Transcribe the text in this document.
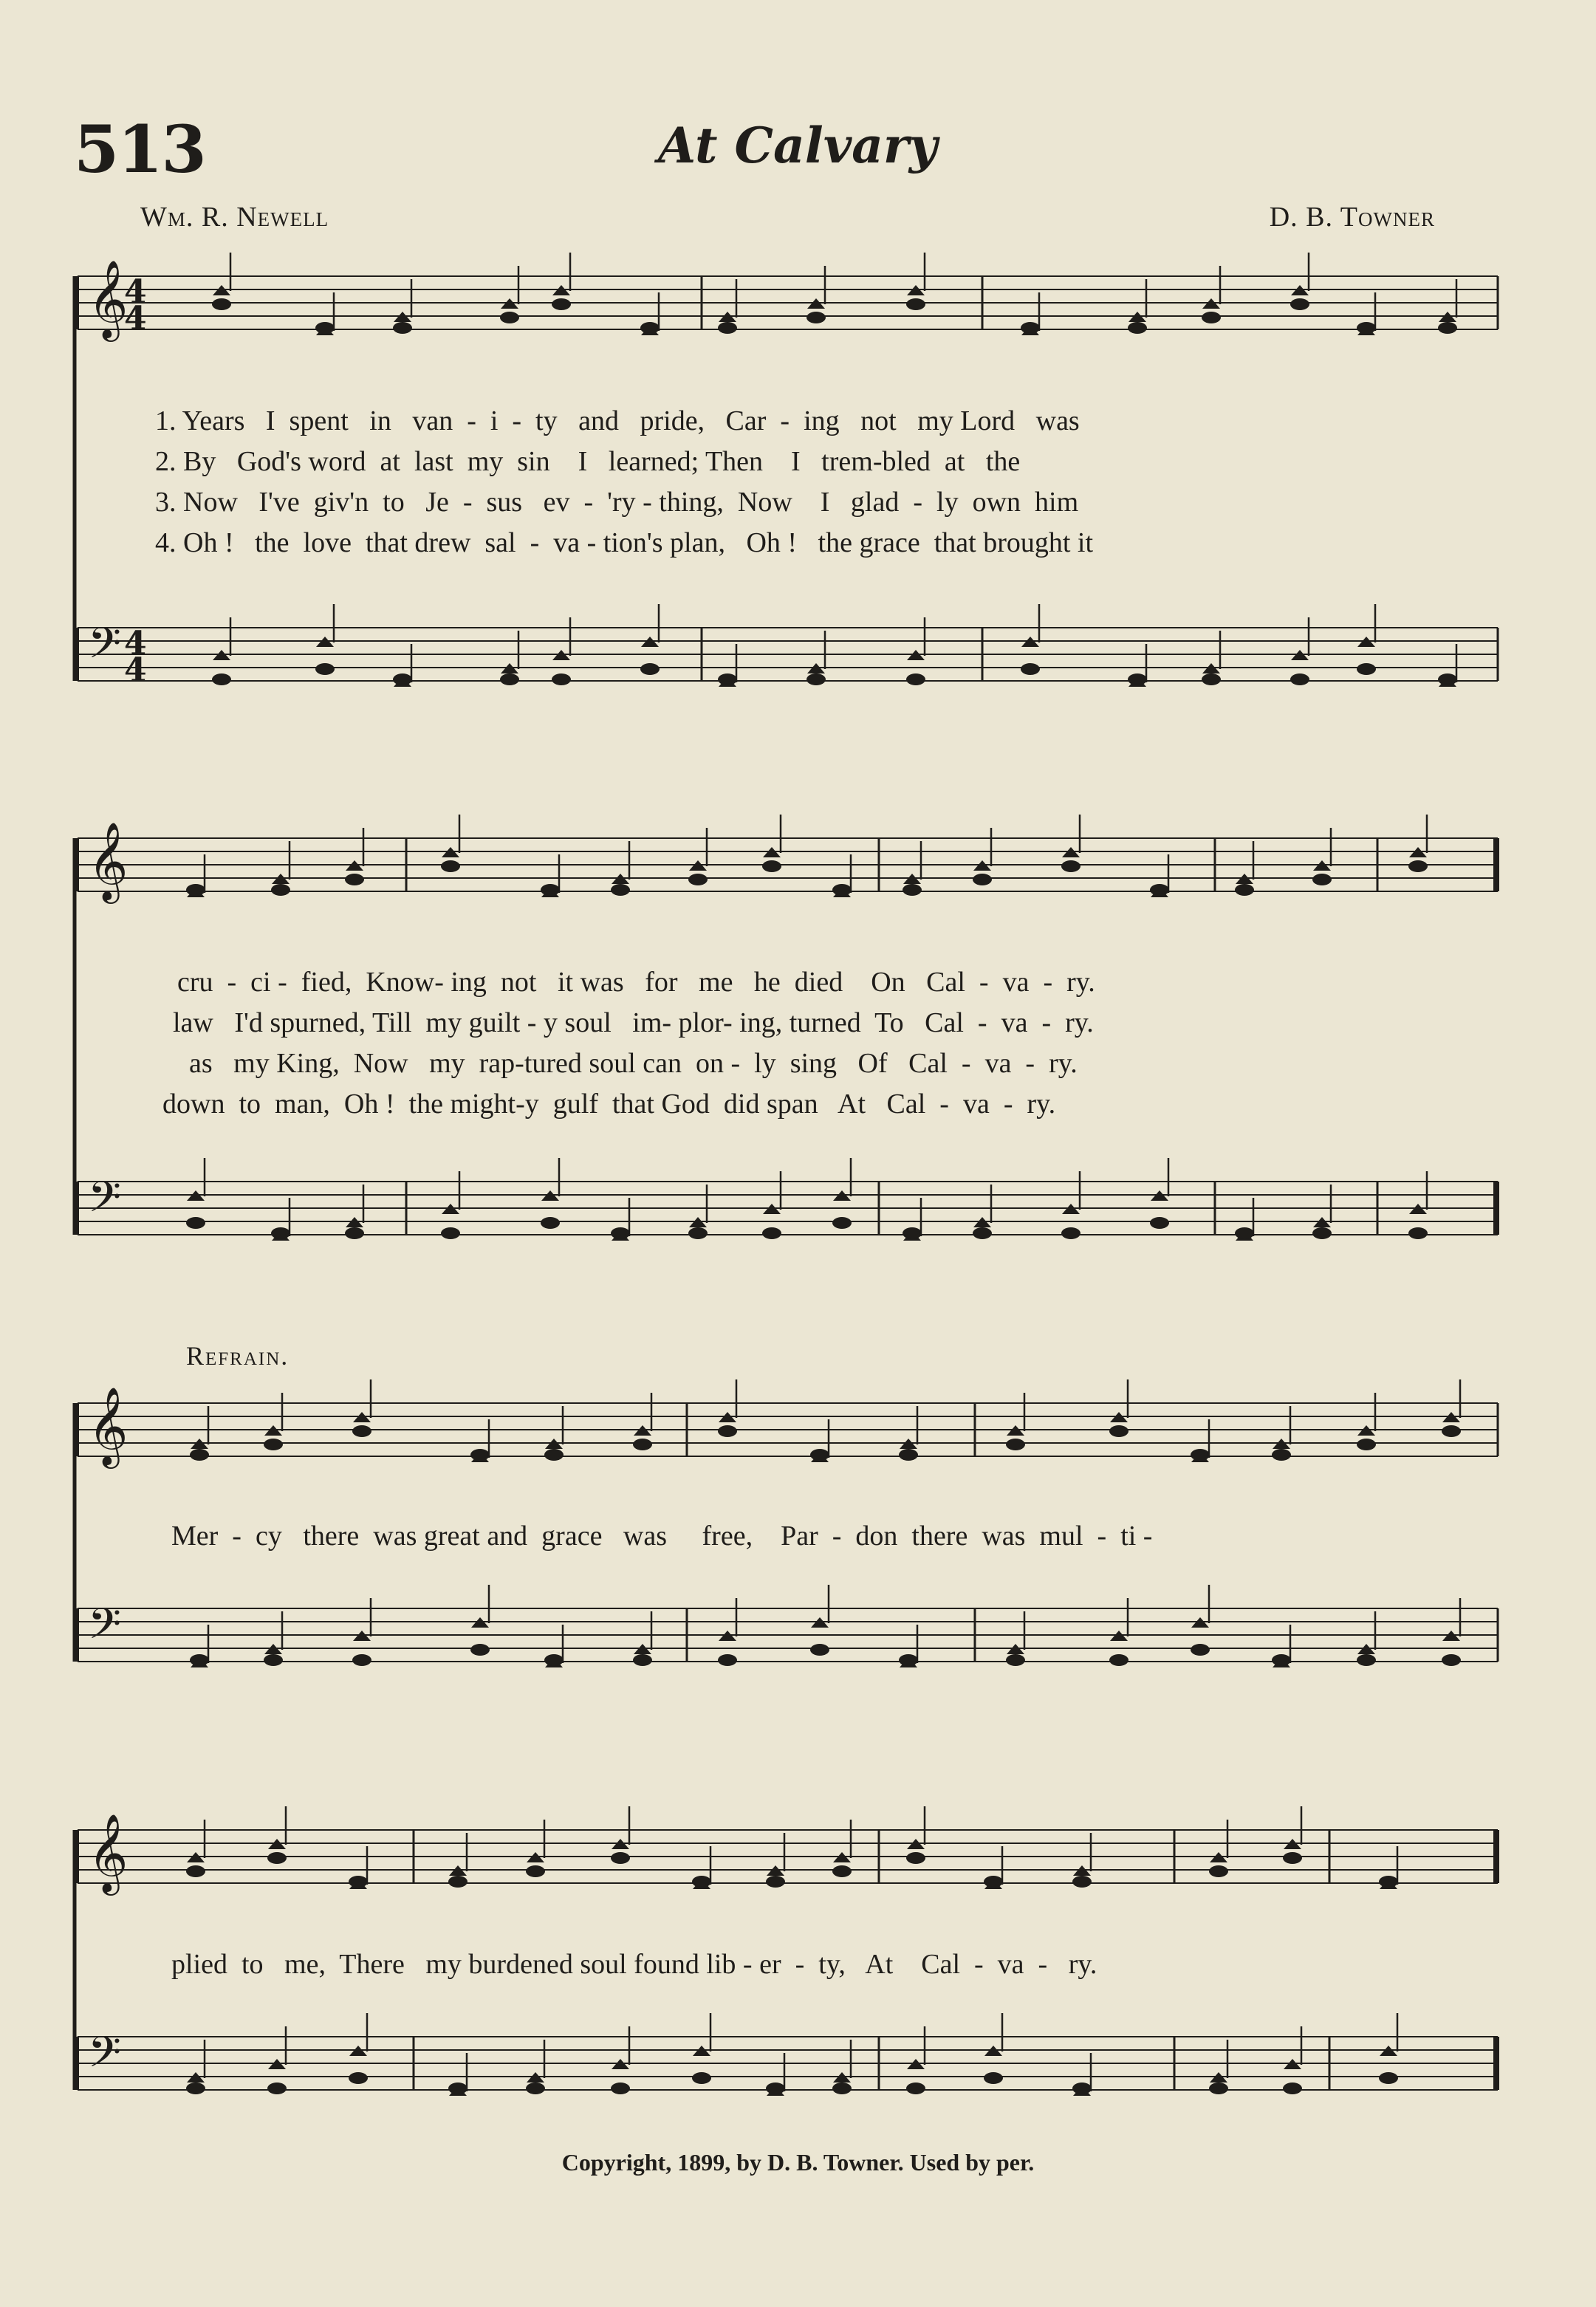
𝄞
𝄢
𝄞
𝄢
𝄞
𝄢
𝄞
𝄢
4
4
4
4
513	At Calvary
Wm. R. Newell	D. B. Towner
1. Years   I  spent   in   van  -  i  -  ty   and   pride,   Car  -  ing   not   my Lord   was
2. By   God's word  at  last  my  sin    I   learned; Then    I   trem-bled  at   the
3. Now   I've  giv'n  to   Je  -  sus   ev  -  'ry - thing,  Now    I   glad  -  ly  own  him
4. Oh !   the  love  that drew  sal  -  va - tion's plan,   Oh !   the grace  that brought it
cru  -  ci -  fied,  Know- ing  not   it was   for   me   he  died    On   Cal  -  va  -  ry.
law   I'd spurned, Till  my guilt - y soul   im- plor- ing, turned  To   Cal  -  va  -  ry.
as   my King,  Now   my  rap-tured soul can  on -  ly  sing   Of   Cal  -  va  -  ry.
down  to  man,  Oh !  the might-y  gulf  that God  did span   At   Cal  -  va  -  ry.
Refrain.
Mer  -  cy   there  was great and  grace   was     free,    Par  -  don  there  was  mul  -  ti -
plied  to   me,  There   my burdened soul found lib - er  -  ty,   At    Cal  -  va  -   ry.
Copyright, 1899, by D. B. Towner. Used by per.
